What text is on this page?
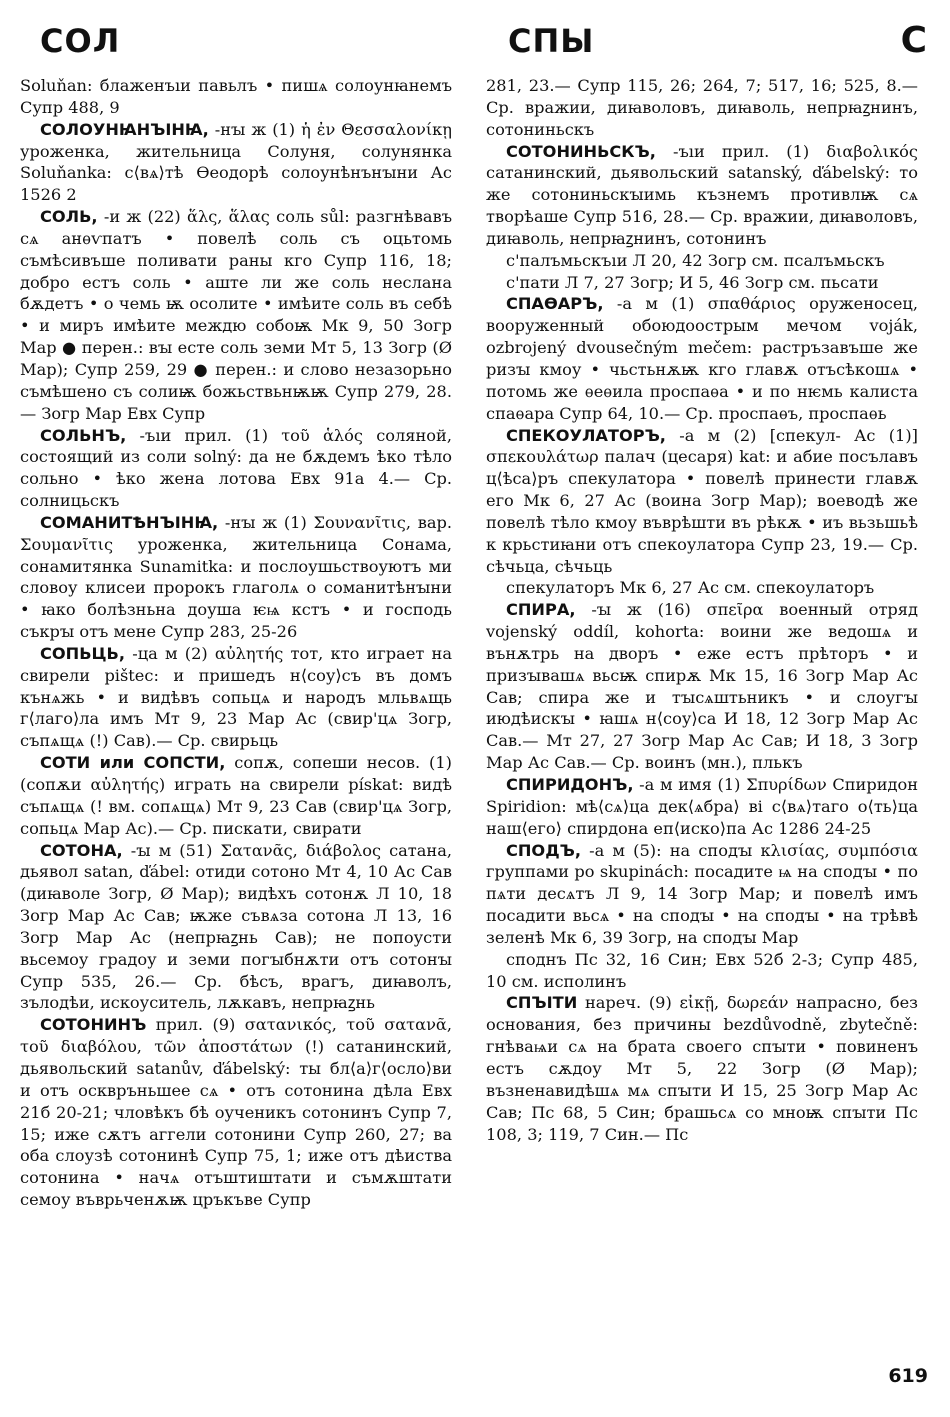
СОЛ	СПЫ	С
Soluňan: блаженъıи павьлъ • пишѧ солоунꙗнемъ Супр 488, 9
СОЛОУНꙖНЪІНꙖ, -нꙑ ж (1) ἡ ἐν Θεσσαλονίκῃ уроженка, жительница Солуня, солунянка Soluňanka: с⟨вѧ⟩тѣ Ѳеодорѣ солоунѣнънꙑни Ас 1526 2
СОЛЬ, -и ж (22) ἅλς, ἅλας соль sůl: разгнѣвавъ сѧ анѳѵпатъ • повелѣ соль съ оцьтомь съмѣсивъше поливати раны кго Супр 116, 18; добро естъ соль • аште ли же соль неслана бѫдетъ • о чемь ѭ осолите • имѣите соль въ себѣ • и миръ имѣите междю собоѭ Мк 9, 50 Зогр Мар ● перен.: вꙑ есте соль земи Мт 5, 13 Зогр (Ø Мар); Супр 259, 29 ● перен.: и слово незазорьно съмѣшено съ солиѭ божьствьнѭѭ Супр 279, 28.— Зогр Мар Евх Супр
СОЛЬНЪ, -ъıи прил. (1) τοῦ ἁλός соляной, состоящий из соли solný: да не бѫдемъ ѣко тѣло сольно • ѣко жена лотова Евх 91а 4.— Ср. солницьскъ
СОМАНИТѢНЪІНꙖ, -нꙑ ж (1) Σουνανῖτις, вар. Σουμανῖτις уроженка, жительница Сонама, сонамитянка Sunamitka: и послоушьствоуютъ ми словоу клисеи пророкъ глаголѧ о соманитѣнꙑни • ꙗко болѣзньна доуша ѥѩ кстъ • и господь съкрꙑ отъ мене Супр 283, 25-26
СОПЬЦЬ, -ца м (2) αὐλητής тот, кто играет на свирели pištec: и пришедъ н⟨соу⟩съ въ домъ кънѧжь • и видѣвъ сопьцѧ и народъ мльвѧщь г⟨лаго⟩ла имъ Мт 9, 23 Мар Ас (свир'цѧ Зогр, съпѧщѧ (!) Сав).— Ср. свирьць
СОТИ или СОПСТИ, сопѫ, сопеши несов. (1) (сопѫи αὐλητής) играть на свирели pískat: видѣ съпѧщѧ (! вм. сопѧщѧ) Мт 9, 23 Сав (свир'цѧ Зогр, сопьцѧ Мар Ас).— Ср. пискати, свирати
СОТОНА, -ꙑ м (51) Σατανᾶς, διάβολος сатана, дьявол satan, ďábel: отиди сотоно Мт 4, 10 Ас Сав (диꙗволе Зогр, Ø Мар); видѣхъ сотонѫ Л 10, 18 Зогр Мар Ас Сав; ѭже съвѧза сотона Л 13, 16 Зогр Мар Ас (непрꙗꙁнь Сав); не попоусти вьсемоу градоу и земи погꙑбнѫти отъ сотонꙑ Супр 535, 26.— Ср. бѣсъ, врагъ, диꙗволъ, зълодѣи, искоуситель, лѫкавъ, непрꙗꙁнь
СОТОНИНЪ прил. (9) σατανικός, τοῦ σατανᾶ, τοῦ διαβόλου, τῶν ἀποστάτων (!) сатанинский, дьявольский satanův, ďábelský: ты бл⟨а⟩г⟨осло⟩ви и отъ осквръньшее сѧ • отъ сотонина дѣла Евх 21б 20-21; чловѣкъ бѣ оученикъ сотонинъ Супр 7, 15; иже сѫтъ аггели сотонини Супр 260, 27; ва оба слоузѣ сотонинѣ Супр 75, 1; иже отъ дѣиства сотонина • начѧ отъштиштати и съмѫштати семоу въврьченѫѭ цръкъве Супр
281, 23.— Супр 115, 26; 264, 7; 517, 16; 525, 8.— Ср. вражии, диꙗволовъ, диꙗволь, непрꙗꙁнинъ, сотониньскъ
СОТОНИНЬСКЪ, -ъıи прил. (1) διαβολικός сатанинский, дьявольский satanský, ďábelský: то же сотониньскꙑимь къзнемъ противлѭ сѧ творѣаше Супр 516, 28.— Ср. вражии, диꙗволовъ, диꙗволь, непрꙗꙁнинъ, сотонинъ
с'палъмьскъıи Л 20, 42 Зогр см. псалъмьскъ
с'пати Л 7, 27 Зогр; И 5, 46 Зогр см. пьсати
СПАѲАРЪ, -а м (1) σπαθάριος оруженосец, вооруженный обоюдоострым мечом voják, ozbrojený dvousečným mečem: растръзавъше же ризꙑ кмоу • чьстьнѫѭ кго главѫ отъсѣкошѧ • потомь же ѳеѳила проспаѳа • и по нѥмь калиста спаѳара Супр 64, 10.— Ср. проспаѳъ, проспаѳь
СПЕКОУЛАТОРЪ, -а м (2) [спекул- Ас (1)] σπεκουλάτωρ палач (цесаря) kat: и абие посълавъ ц⟨ѣса⟩ръ спекулатора • повелѣ принести главѫ его Мк 6, 27 Ас (воина Зогр Мар); воеводѣ же повелѣ тѣло кмоу въврѣшти въ рѣкѫ • иъ вьзьшьѣ к крьстиꙗни отъ спекоулатора Супр 23, 19.— Ср. сѣчьца, сѣчьць
спекулаторъ Мк 6, 27 Ас см. спекоулаторъ
СПИРА, -ꙑ ж (16) σπεῖρα военный отряд vojenský oddíl, kohorta: воини же ведошѧ и вънѫтрь на дворъ • еже естъ прѣторъ • и призꙑвашѧ вьсѭ спирѫ Мк 15, 16 Зогр Мар Ас Сав; спира же и тꙑсѧштьникъ • и слоугꙑ июдѣискꙑ • ꙗшѧ н⟨соу⟩са И 18, 12 Зогр Мар Ас Сав.— Мт 27, 27 Зогр Мар Ас Сав; И 18, 3 Зогр Мар Ас Сав.— Ср. воинъ (мн.), плькъ
СПИРИДОНЪ, -а м имя (1) Σπυρίδων Спиридон Spiridion: мѣ⟨сѧ⟩ца дек⟨ѧбра⟩ ві с⟨вѧ⟩таго о⟨ть⟩ца наш⟨его⟩ спирдона еп⟨иско⟩па Ас 1286 24-25
СПОДЪ, -а м (5): на сподꙑ κλισίας, συμπόσια группами po skupinách: посадите ѩ на сподꙑ • по пѧти десѧтъ Л 9, 14 Зогр Мар; и повелѣ имъ посадити вьсѧ • на сподꙑ • на сподꙑ • на трѣвѣ зеленѣ Мк 6, 39 Зогр, на сподꙑ Мар
споднъ Пс 32, 16 Син; Евх 52б 2-3; Супр 485, 10 см. исполинъ
СПЪІТИ нареч. (9) εἰκῇ, δωρεάν напрасно, без основания, без причины bezdůvodně, zbytečně: гнѣваѩи сѧ на брата своего спꙑти • повиненъ естъ сѫдоу Мт 5, 22 Зогр (Ø Мар); възненавидѣшѧ мѧ спꙑти И 15, 25 Зогр Мар Ас Сав; Пс 68, 5 Син; брашьсѧ со мноѭ спꙑти Пс 108, 3; 119, 7 Син.— Пс
619
